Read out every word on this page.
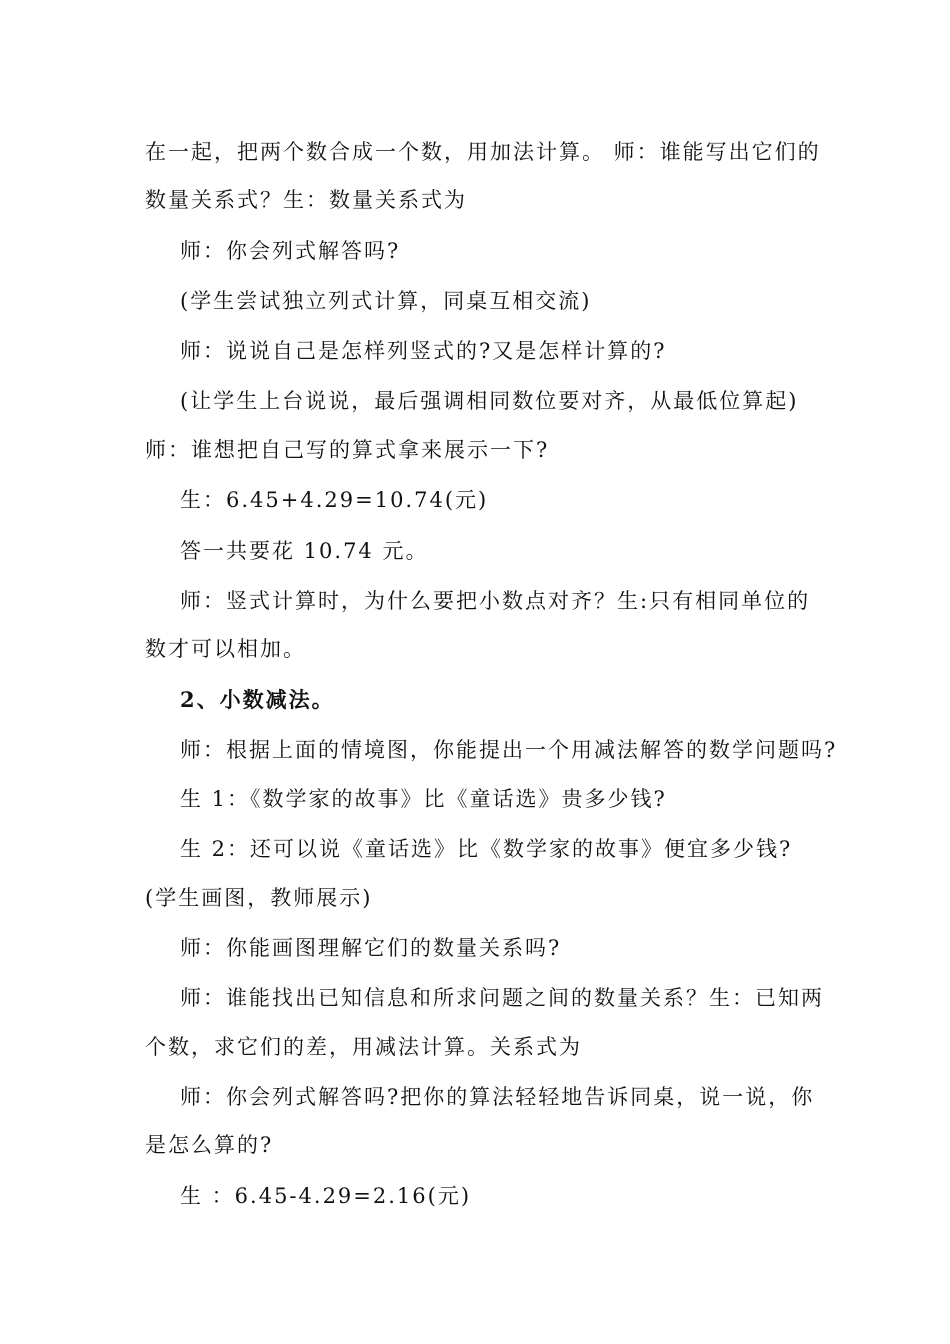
在一起，把两个数合成一个数，用加法计算。 师：谁能写出它们的
数量关系式？生：数量关系式为
师：你会列式解答吗?
(学生尝试独立列式计算，同桌互相交流)
师：说说自己是怎样列竖式的?又是怎样计算的?
(让学生上台说说，最后强调相同数位要对齐，从最低位算起)
师：谁想把自己写的算式拿来展示一下?
生：6.45+4.29=10.74(元)
答一共要花 10.74 元。
师：竖式计算时，为什么要把小数点对齐？生:只有相同单位的
数才可以相加。
2、小数减法。
师：根据上面的情境图，你能提出一个用减法解答的数学问题吗?
生 1：《数学家的故事》比《童话选》贵多少钱?
生 2：还可以说《童话选》比《数学家的故事》便宜多少钱?
(学生画图，教师展示)
师：你能画图理解它们的数量关系吗?
师：谁能找出已知信息和所求问题之间的数量关系？生：已知两
个数，求它们的差，用减法计算。关系式为
师：你会列式解答吗?把你的算法轻轻地告诉同桌，说一说，你
是怎么算的?
生 ：6.45-4.29=2.16(元)
